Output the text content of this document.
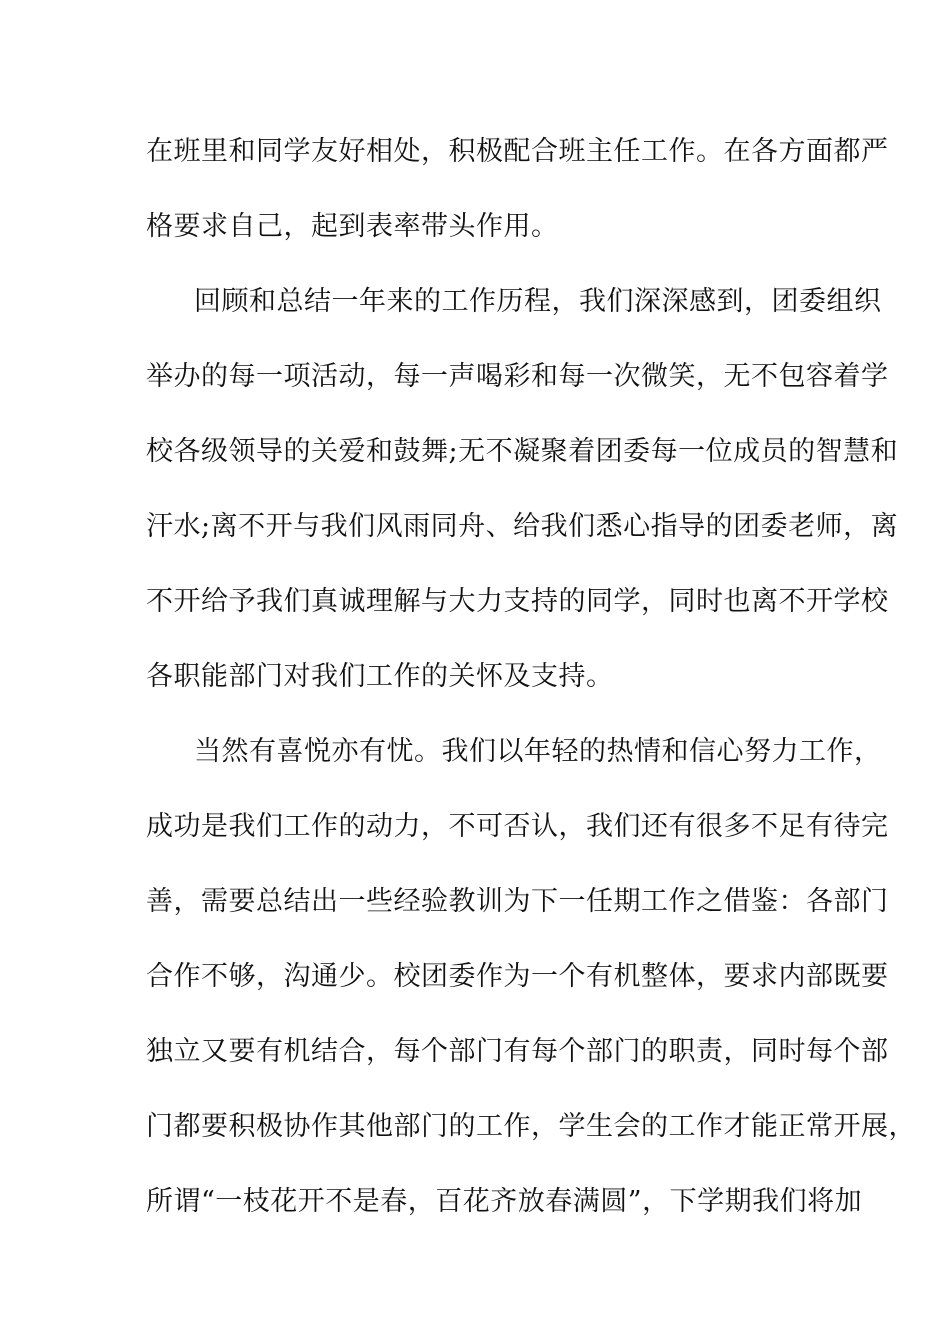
在班里和同学友好相处，积极配合班主任工作。在各方面都严
格要求自己，起到表率带头作用。
回顾和总结一年来的工作历程，我们深深感到，团委组织
举办的每一项活动，每一声喝彩和每一次微笑，无不包容着学
校各级领导的关爱和鼓舞;无不凝聚着团委每一位成员的智慧和
汗水;离不开与我们风雨同舟、给我们悉心指导的团委老师，离
不开给予我们真诚理解与大力支持的同学，同时也离不开学校
各职能部门对我们工作的关怀及支持。
当然有喜悦亦有忧。我们以年轻的热情和信心努力工作，
成功是我们工作的动力，不可否认，我们还有很多不足有待完
善，需要总结出一些经验教训为下一任期工作之借鉴：各部门
合作不够，沟通少。校团委作为一个有机整体，要求内部既要
独立又要有机结合，每个部门有每个部门的职责，同时每个部
门都要积极协作其他部门的工作，学生会的工作才能正常开展，
所谓“一枝花开不是春，百花齐放春满圆”，下学期我们将加
